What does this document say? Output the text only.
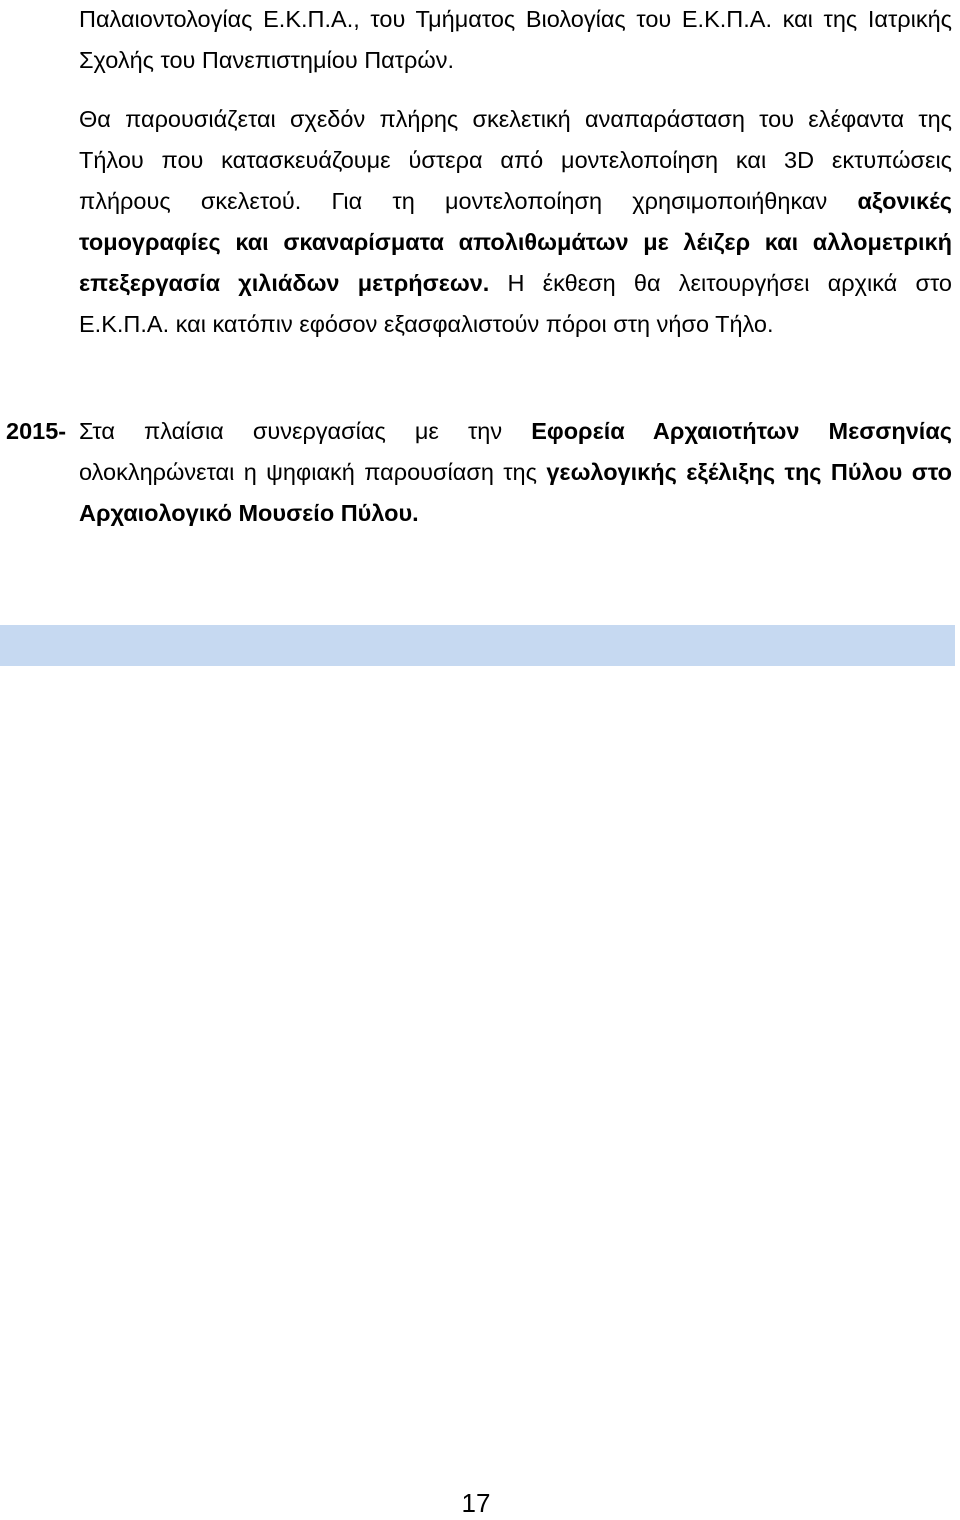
Παλαιοντολογίας Ε.Κ.Π.Α., του Τμήματος Βιολογίας του Ε.Κ.Π.Α. και της Ιατρικής Σχολής του Πανεπιστημίου Πατρών.

Θα παρουσιάζεται σχεδόν πλήρης σκελετική αναπαράσταση του ελέφαντα της Τήλου που κατασκευάζουμε ύστερα από μοντελοποίηση και 3D εκτυπώσεις πλήρους σκελετού. Για τη μοντελοποίηση χρησιμοποιήθηκαν αξονικές τομογραφίες και σκαναρίσματα απολιθωμάτων με λέιζερ και αλλομετρική επεξεργασία χιλιάδων μετρήσεων. Η έκθεση θα λειτουργήσει αρχικά στο Ε.Κ.Π.Α. και κατόπιν εφόσον εξασφαλιστούν πόροι στη νήσο Τήλο.

2015- Στα πλαίσια συνεργασίας με την Εφορεία Αρχαιοτήτων Μεσσηνίας ολοκληρώνεται η ψηφιακή παρουσίαση της γεωλογικής εξέλιξης της Πύλου στο Αρχαιολογικό Μουσείο Πύλου.

17
